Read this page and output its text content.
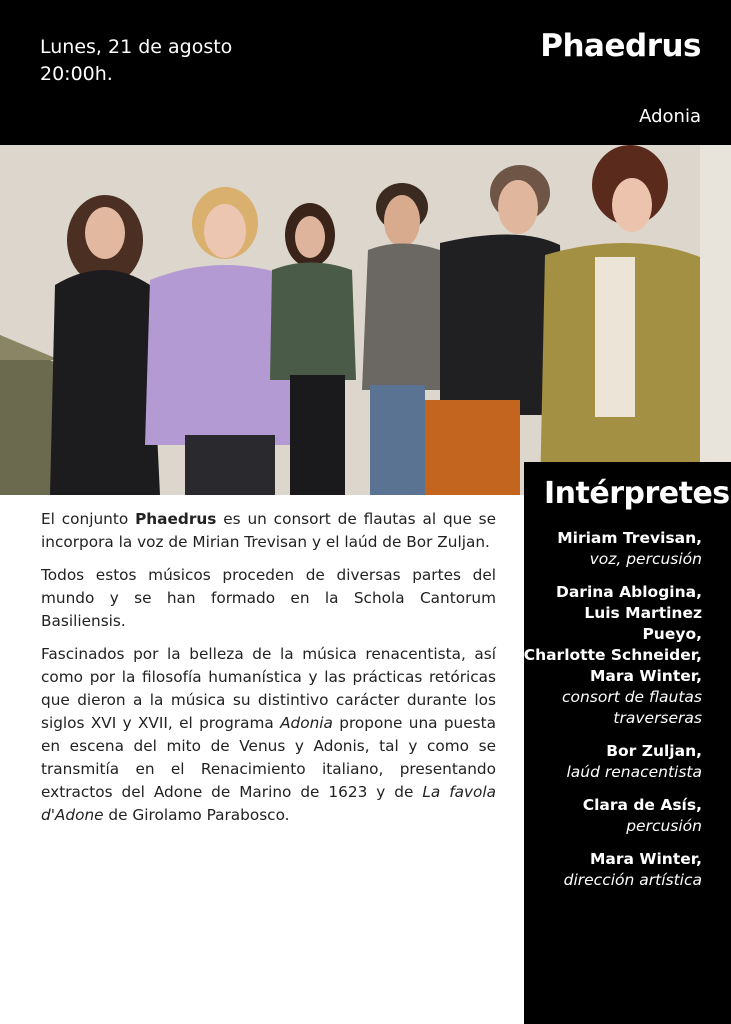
Lunes, 21 de agosto
20:00h.
Phaedrus
Adonia

El conjunto Phaedrus es un consort de flautas al que se incorpora la voz de Mirian Trevisan y el laúd de Bor Zuljan.

Todos estos músicos proceden de diversas partes del mundo y se han formado en la Schola Cantorum Basiliensis.

Fascinados por la belleza de la música renacentista, así como por la filosofía humanística y las prácticas retóricas que dieron a la música su distintivo carácter durante los siglos XVI y XVII, el programa Adonia propone una puesta en escena del mito de Venus y Adonis, tal y como se transmitía en el Renacimiento italiano, presentando extractos del Adone de Marino de 1623 y de La favola d'Adone de Girolamo Parabosco.

Intérpretes
Miriam Trevisan,
voz, percusión
Darina Ablogina,
Luis Martinez Pueyo,
Charlotte Schneider,
Mara Winter,
consort de flautas
traverseras
Bor Zuljan,
laúd renacentista
Clara de Asís,
percusión
Mara Winter,
dirección artística
